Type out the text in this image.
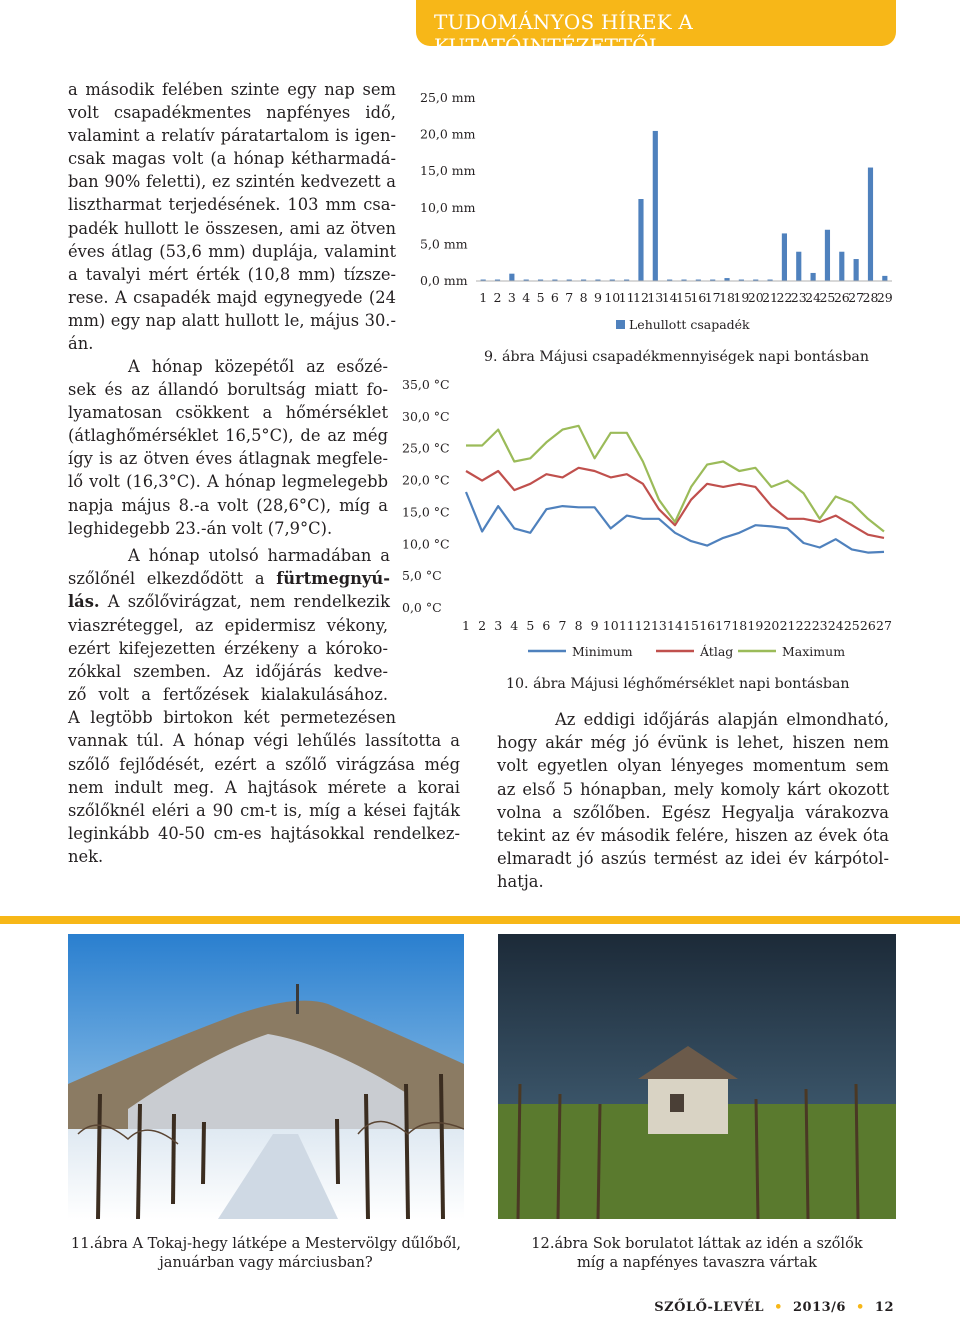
TUDOMÁNYOS HÍREK A KUTATÓINTÉZETTŐL
a második felében szinte egy nap sem
volt csapadékmentes napfényes idő,
valamint a relatív páratartalom is igen-
csak magas volt (a hónap kétharmadá-
ban 90% feletti), ez szintén kedvezett a
lisztharmat terjedésének. 103 mm csa-
padék hullott le összesen, ami az ötven
éves átlag (53,6 mm) duplája, valamint
a tavalyi mért érték (10,8 mm) tízsze-
rese. A csapadék majd egynegyede (24
mm) egy nap alatt hullott le, május 30.-
án.
A hónap közepétől az esőzé-
sek és az állandó borultság miatt fo-
lyamatosan csökkent a hőmérséklet
(átlaghőmérséklet 16,5°C), de az még
így is az ötven éves átlagnak megfele-
lő volt (16,3°C). A hónap legmelegebb
napja május 8.-a volt (28,6°C), míg a
leghidegebb 23.-án volt (7,9°C).
A hónap utolsó harmadában a
szőlőnél elkezdődött a fürtmegnyú-
lás. A szőlővirágzat, nem rendelkezik
viaszréteggel, az epidermisz vékony,
ezért kifejezetten érzékeny a kóroko-
zókkal szemben. Az időjárás kedve-
ző volt a fertőzések kialakulásához.
A legtöbb birtokon két permetezésen
vannak túl. A hónap végi lehűlés lassította a
szőlő fejlődését, ezért a szőlő virágzása még
nem indult meg. A hajtások mérete a korai
szőlőknél eléri a 90 cm-t is, míg a kései fajták
leginkább 40-50 cm-es hajtásokkal rendelkez-
nek.
25,0 mm
20,0 mm
15,0 mm
10,0 mm
5,0 mm
0,0 mm
1 2 3 4 5 6 7 8 9 10
11
12
13
14
15
16
17
18
19
20
21
22
23
24
25
26
27
28
29
Lehullott csapadék
9. ábra Májusi csapadékmennyiségek napi bontásban
35,0 °C
30,0 °C
25,0 °C
20,0 °C
15,0 °C
10,0 °C
5,0 °C
0,0 °C
1 2 3 4 5 6 7 8 9 10 11 12 13 14 15 16 17 18 19 20 21 22 23 24 25 26 27
Minimum	Átlag	Maximum
10. ábra Májusi léghőmérséklet napi bontásban
Az eddigi időjárás alapján elmondható,
hogy akár még jó évünk is lehet, hiszen nem
volt egyetlen olyan lényeges momentum sem
az első 5 hónapban, mely komoly kárt okozott
volna a szőlőben. Egész Hegyalja várakozva
tekint az év második felére, hiszen az évek óta
elmaradt jó aszús termést az idei év kárpótol-
hatja.
11.ábra A Tokaj-hegy látképe a Mestervölgy dűlőből,
januárban vagy márciusban?
12.ábra Sok borulatot láttak az idén a szőlők
míg a napfényes tavaszra vártak
SZŐLŐ-LEVÉL  •  2013/6  •  12
